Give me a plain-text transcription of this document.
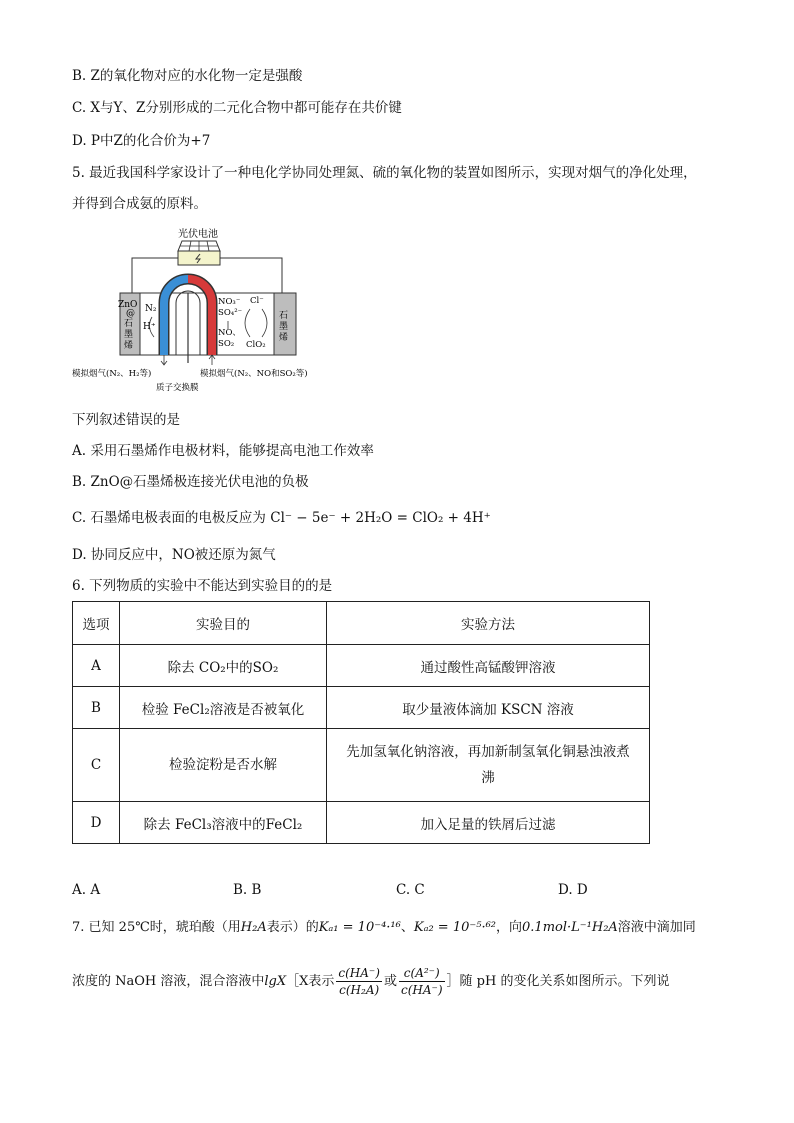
B. Z的氧化物对应的水化物一定是强酸
C. X与Y、Z分别形成的二元化合物中都可能存在共价键
D. P中Z的化合价为+7
5. 最近我国科学家设计了一种电化学协同处理氮、硫的氧化物的装置如图所示，实现对烟气的净化处理，
并得到合成氨的原料。
光伏电池
ZnO
@
石
墨
烯
石
墨
烯
N₂
H⁺
NO₃⁻
SO₄²⁻
NO、
SO₂
Cl⁻
ClO₂
模拟烟气(N₂、H₂等)	模拟烟气(N₂、NO和SO₂等)
质子交换膜
下列叙述错误的是
A. 采用石墨烯作电极材料，能够提高电池工作效率
B. ZnO@石墨烯极连接光伏电池的负极
C. 石墨烯电极表面的电极反应为 Cl⁻ − 5e⁻ + 2H₂O = ClO₂ + 4H⁺
D. 协同反应中，NO被还原为氮气
6. 下列物质的实验中不能达到实验目的的是
选项	实验目的	实验方法
A	除去 CO₂中的SO₂	通过酸性高锰酸钾溶液
B	检验 FeCl₂溶液是否被氧化	取少量液体滴加 KSCN 溶液
C	检验淀粉是否水解	先加氢氧化钠溶液，再加新制氢氧化铜悬浊液煮
沸

D	除去 FeCl₃溶液中的FeCl₂	加入足量的铁屑后过滤
A. A	B. B	C. C	D. D
7. 已知 25℃时，琥珀酸（用H₂A表示）的Kₐ₁ = 10⁻⁴·¹⁶、Kₐ₂ = 10⁻⁵·⁶²，向0.1mol·L⁻¹H₂A溶液中滴加同
浓度的 NaOH 溶液，混合溶液中lgX［X表示 $\frac{c(HA^-)}{\text{c(H₂A)}}$ 或 $\frac{\text{c(A²⁻)}}{c(HA^-)}$ ］随 pH 的变化关系如图所示。下列说
